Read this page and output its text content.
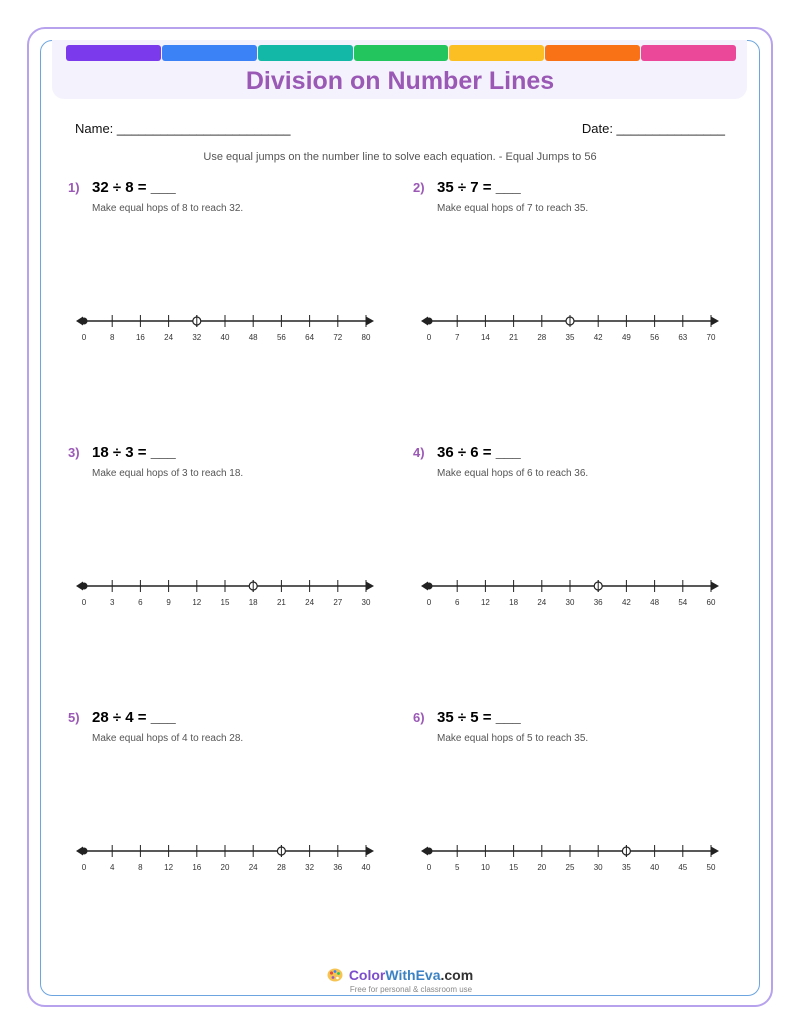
Division on Number Lines
Name: ________________________	Date: _______________
Use equal jumps on the number line to solve each equation. - Equal Jumps to 56
1) 32 ÷ 8 = ___
Make equal hops of 8 to reach 32.
0	8	16 24 32 40 48 56 64 72 80
2) 35 ÷ 7 = ___
Make equal hops of 7 to reach 35.
0	7	14 21 28 35 42 49 56 63 70
3) 18 ÷ 3 = ___
Make equal hops of 3 to reach 18.
0	3	6	9	12 15 18 21 24 27 30
4) 36 ÷ 6 = ___
Make equal hops of 6 to reach 36.
0	6	12 18 24 30 36 42 48 54 60
5) 28 ÷ 4 = ___
Make equal hops of 4 to reach 28.
0	4	8	12 16 20 24 28 32 36 40
6) 35 ÷ 5 = ___
Make equal hops of 5 to reach 35.
0	5	10 15 20 25 30 35 40 45 50
Color WithEva .com
Free for personal & classroom use
